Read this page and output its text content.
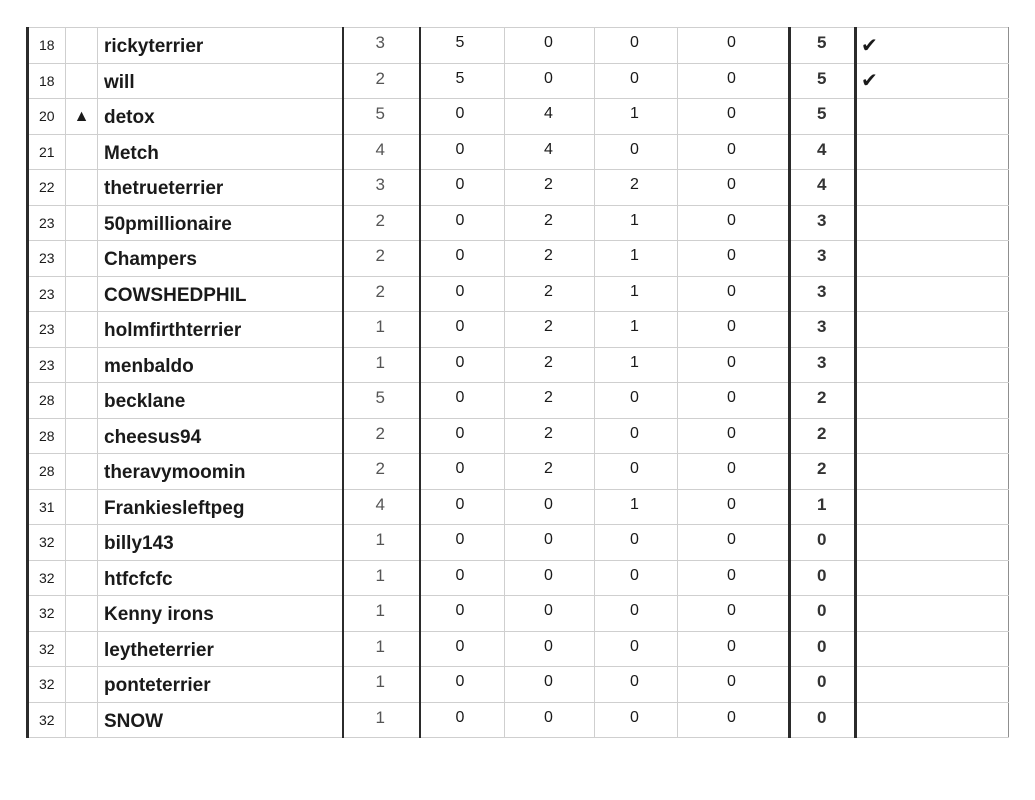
18		rickyterrier	3	5	0	0	0	5	✔
18		will	2	5	0	0	0	5	✔
20	▲	detox	5	0	4	1	0	5	
21		Metch	4	0	4	0	0	4	
22		thetrueterrier	3	0	2	2	0	4	
23		50pmillionaire	2	0	2	1	0	3	
23		Champers	2	0	2	1	0	3	
23		COWSHEDPHIL	2	0	2	1	0	3	
23		holmfirthterrier	1	0	2	1	0	3	
23		menbaldo	1	0	2	1	0	3	
28		becklane	5	0	2	0	0	2	
28		cheesus94	2	0	2	0	0	2	
28		theravymoomin	2	0	2	0	0	2	
31		Frankiesleftpeg	4	0	0	1	0	1	
32		billy143	1	0	0	0	0	0	
32		htfcfcfc	1	0	0	0	0	0	
32		Kenny irons	1	0	0	0	0	0	
32		leytheterrier	1	0	0	0	0	0	
32		ponteterrier	1	0	0	0	0	0	
32		SNOW	1	0	0	0	0	0	
